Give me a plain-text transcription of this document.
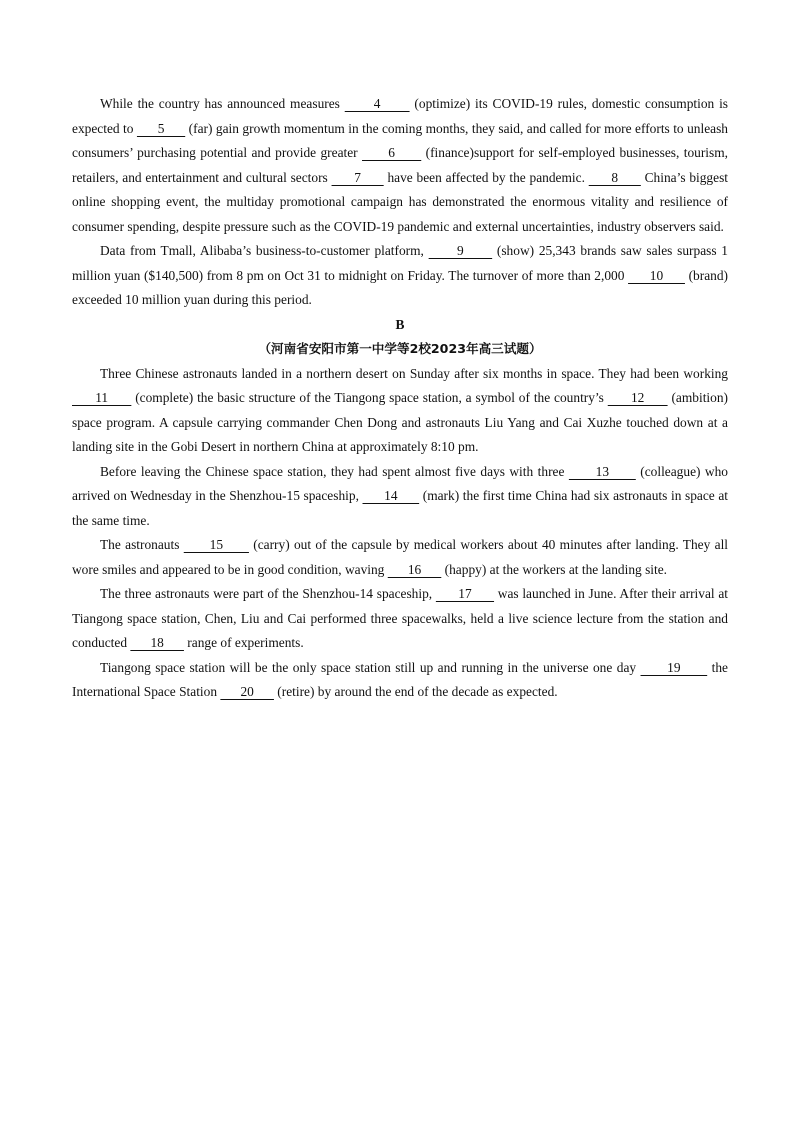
While the country has announced measures       4       (optimize) its COVID-19 rules, domestic consumption is expected to       5       (far) gain growth momentum in the coming months, they said, and called for more efforts to unleash consumers’ purchasing potential and provide greater       6       (finance)support for self-employed businesses, tourism, retailers, and entertainment and cultural sectors       7       have been affected by the pandemic.       8       China’s biggest online shopping event, the multiday promotional campaign has demonstrated the enormous vitality and resilience of consumer spending, despite pressure such as the COVID-19 pandemic and external uncertainties, industry observers said.

Data from Tmall, Alibaba’s business-to-customer platform,       9       (show) 25,343 brands saw sales surpass 1 million yuan ($140,500) from 8 pm on Oct 31 to midnight on Friday. The turnover of more than 2,000       10       (brand) exceeded 10 million yuan during this period.

B

（河南省安阳市第一中学等2校2023年高三试题）

Three Chinese astronauts landed in a northern desert on Sunday after six months in space. They had been working       11       (complete) the basic structure of the Tiangong space station, a symbol of the country’s       12       (ambition) space program. A capsule carrying commander Chen Dong and astronauts Liu Yang and Cai Xuzhe touched down at a landing site in the Gobi Desert in northern China at approximately 8:10 pm.

Before leaving the Chinese space station, they had spent almost five days with three       13       (colleague) who arrived on Wednesday in the Shenzhou-15 spaceship,       14       (mark) the first time China had six astronauts in space at the same time.

The astronauts       15       (carry) out of the capsule by medical workers about 40 minutes after landing. They all wore smiles and appeared to be in good condition, waving       16       (happy) at the workers at the landing site.

The three astronauts were part of the Shenzhou-14 spaceship,       17       was launched in June. After their arrival at Tiangong space station, Chen, Liu and Cai performed three spacewalks, held a live science lecture from the station and conducted       18       range of experiments.

Tiangong space station will be the only space station still up and running in the universe one day       19       the International Space Station       20       (retire) by around the end of the decade as expected.
